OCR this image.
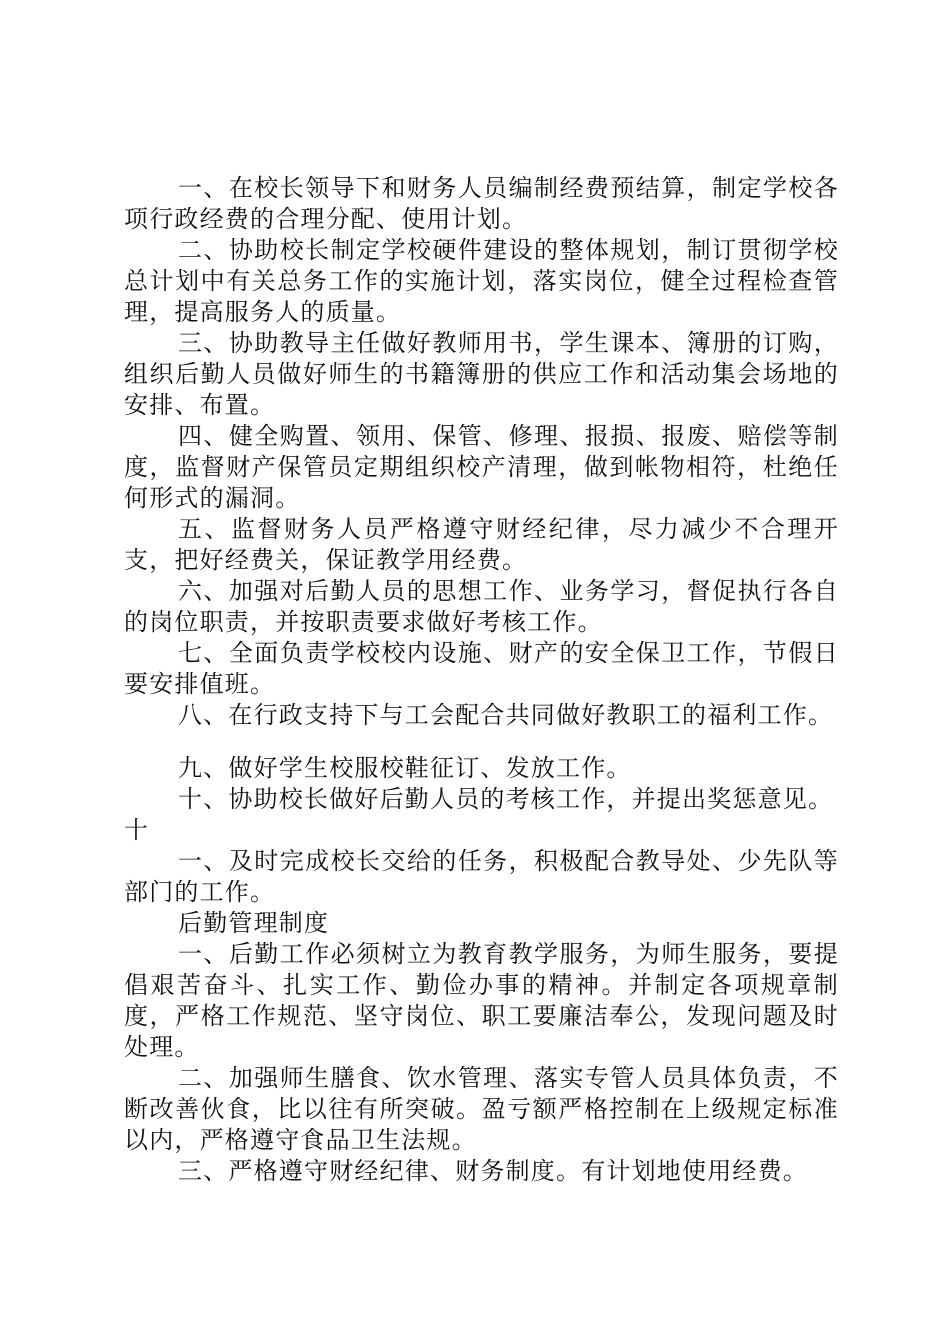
一、在校长领导下和财务人员编制经费预结算，制定学校各项行政经费的合理分配、使用计划。

二、协助校长制定学校硬件建设的整体规划，制订贯彻学校总计划中有关总务工作的实施计划，落实岗位，健全过程检查管理，提高服务人的质量。

三、协助教导主任做好教师用书，学生课本、簿册的订购，组织后勤人员做好师生的书籍簿册的供应工作和活动集会场地的安排、布置。

四、健全购置、领用、保管、修理、报损、报废、赔偿等制度，监督财产保管员定期组织校产清理，做到帐物相符，杜绝任何形式的漏洞。

五、监督财务人员严格遵守财经纪律，尽力减少不合理开支，把好经费关，保证教学用经费。

六、加强对后勤人员的思想工作、业务学习，督促执行各自的岗位职责，并按职责要求做好考核工作。

七、全面负责学校校内设施、财产的安全保卫工作，节假日要安排值班。

八、在行政支持下与工会配合共同做好教职工的福利工作。

九、做好学生校服校鞋征订、发放工作。

十、协助校长做好后勤人员的考核工作，并提出奖惩意见。

十

一、及时完成校长交给的任务，积极配合教导处、少先队等部门的工作。

后勤管理制度

一、后勤工作必须树立为教育教学服务，为师生服务，要提倡艰苦奋斗、扎实工作、勤俭办事的精神。并制定各项规章制度，严格工作规范、坚守岗位、职工要廉洁奉公，发现问题及时处理。

二、加强师生膳食、饮水管理、落实专管人员具体负责，不断改善伙食，比以往有所突破。盈亏额严格控制在上级规定标准以内，严格遵守食品卫生法规。

三、严格遵守财经纪律、财务制度。有计划地使用经费。
